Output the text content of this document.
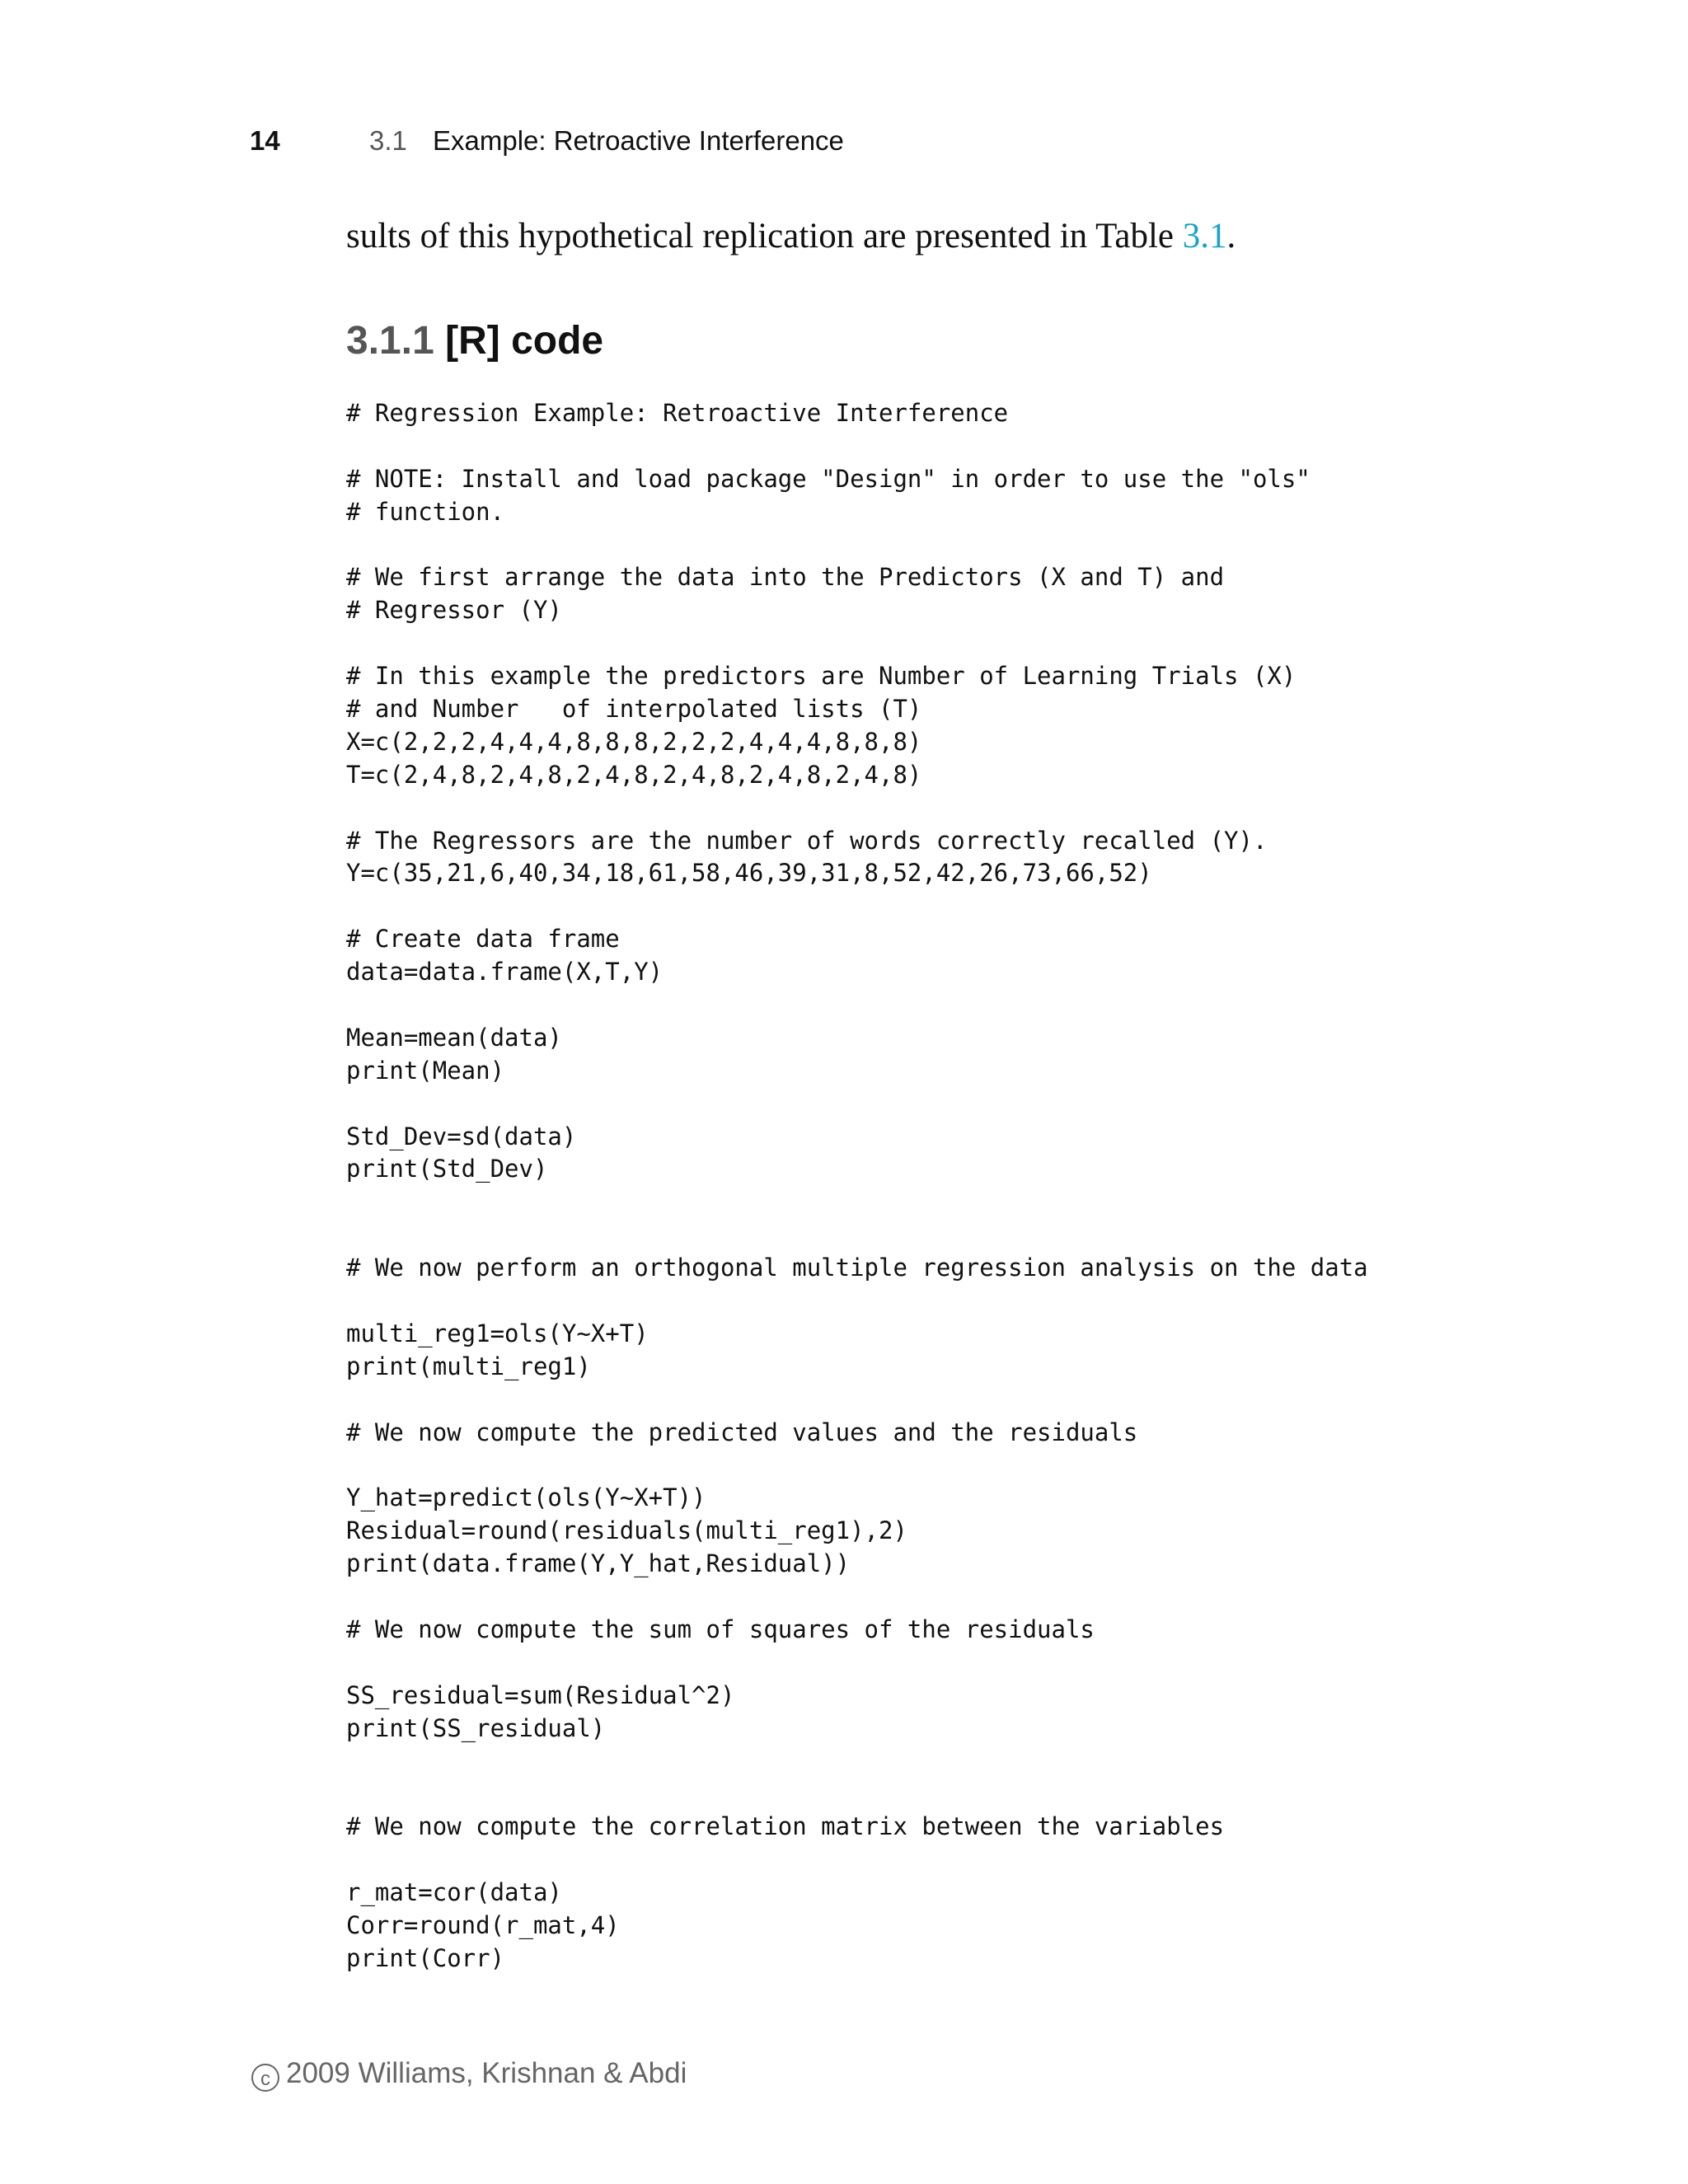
14	3.1 Example: Retroactive Interference
sults of this hypothetical replication are presented in Table 3.1.
3.1.1 [R] code
# Regression Example: Retroactive Interference
# NOTE: Install and load package "Design" in order to use the "ols"
# function.
# We first arrange the data into the Predictors (X and T) and
# Regressor (Y)
# In this example the predictors are Number of Learning Trials (X)
# and Number   of interpolated lists (T)
X=c(2,2,2,4,4,4,8,8,8,2,2,2,4,4,4,8,8,8)
T=c(2,4,8,2,4,8,2,4,8,2,4,8,2,4,8,2,4,8)
# The Regressors are the number of words correctly recalled (Y).
Y=c(35,21,6,40,34,18,61,58,46,39,31,8,52,42,26,73,66,52)
# Create data frame
data=data.frame(X,T,Y)
Mean=mean(data)
print(Mean)
Std_Dev=sd(data)
print(Std_Dev)
# We now perform an orthogonal multiple regression analysis on the data
multi_reg1=ols(Y~X+T)
print(multi_reg1)
# We now compute the predicted values and the residuals
Y_hat=predict(ols(Y~X+T))
Residual=round(residuals(multi_reg1),2)
print(data.frame(Y,Y_hat,Residual))
# We now compute the sum of squares of the residuals
SS_residual=sum(Residual^2)
print(SS_residual)
# We now compute the correlation matrix between the variables
r_mat=cor(data)
Corr=round(r_mat,4)
print(Corr)
c 2009 Williams, Krishnan & Abdi
